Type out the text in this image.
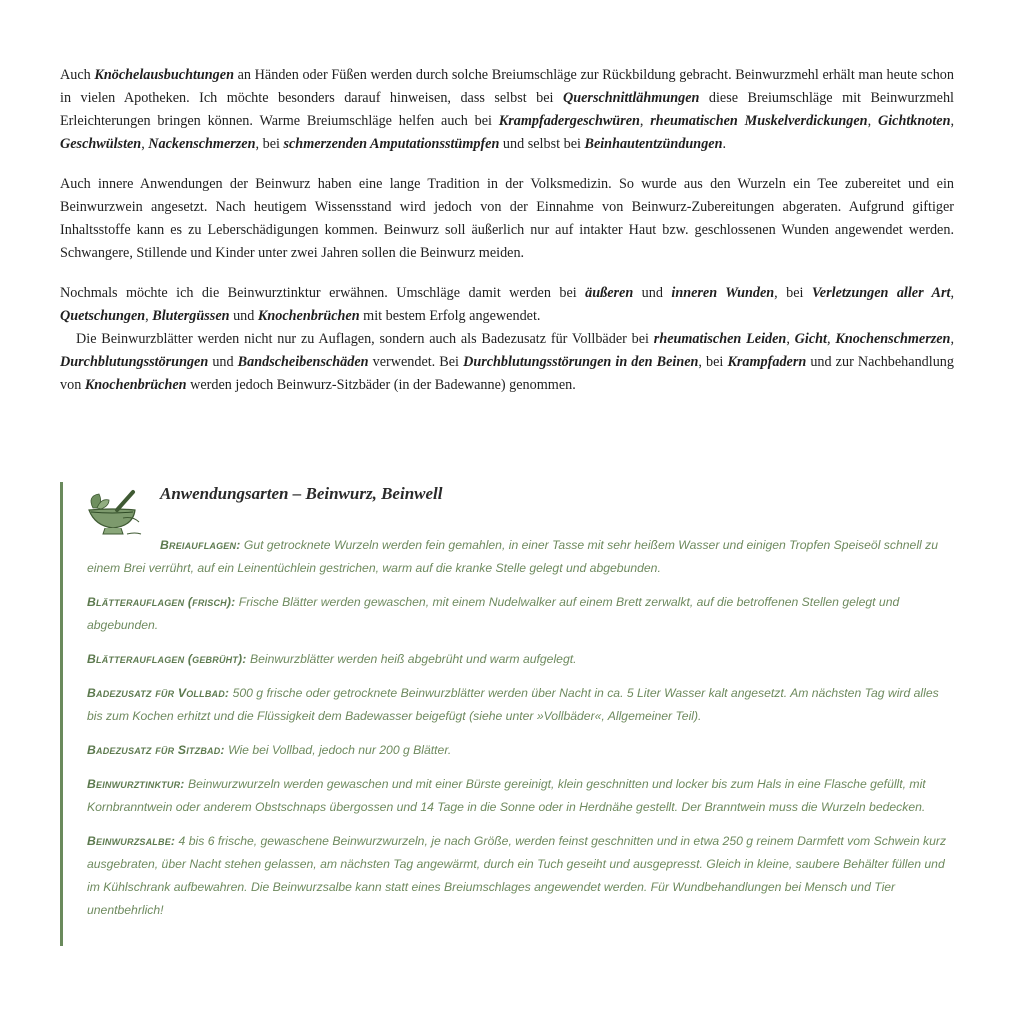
Auch Knöchelausbuchtungen an Händen oder Füßen werden durch solche Breiumschläge zur Rückbildung gebracht. Beinwurzmehl erhält man heute schon in vielen Apotheken. Ich möchte besonders darauf hinweisen, dass selbst bei Querschnittlähmungen diese Breiumschläge mit Beinwurzmehl Erleichterungen bringen können. Warme Breiumschläge helfen auch bei Krampfadergeschwüren, rheumatischen Muskelverdickungen, Gichtknoten, Geschwülsten, Nackenschmerzen, bei schmerzenden Amputationsstümpfen und selbst bei Beinhautentzündungen.

Auch innere Anwendungen der Beinwurz haben eine lange Tradition in der Volksmedizin. So wurde aus den Wurzeln ein Tee zubereitet und ein Beinwurzwein angesetzt. Nach heutigem Wissensstand wird jedoch von der Einnahme von Beinwurz-Zubereitungen abgeraten. Aufgrund giftiger Inhaltsstoffe kann es zu Leberschädigungen kommen. Beinwurz soll äußerlich nur auf intakter Haut bzw. geschlossenen Wunden angewendet werden. Schwangere, Stillende und Kinder unter zwei Jahren sollen die Beinwurz meiden.

Nochmals möchte ich die Beinwurztinktur erwähnen. Umschläge damit werden bei äußeren und inneren Wunden, bei Verletzungen aller Art, Quetschungen, Blutergüssen und Knochenbrüchen mit bestem Erfolg angewendet.

Die Beinwurzblätter werden nicht nur zu Auflagen, sondern auch als Badezusatz für Vollbäder bei rheumatischen Leiden, Gicht, Knochenschmerzen, Durchblutungsstörungen und Bandscheibenschäden verwendet. Bei Durchblutungsstörungen in den Beinen, bei Krampfadern und zur Nachbehandlung von Knochenbrüchen werden jedoch Beinwurz-Sitzbäder (in der Badewanne) genommen.

Anwendungsarten – Beinwurz, Beinwell

Breiauflagen: Gut getrocknete Wurzeln werden fein gemahlen, in einer Tasse mit sehr heißem Wasser und einigen Tropfen Speiseöl schnell zu einem Brei verrührt, auf ein Leinentüchlein gestrichen, warm auf die kranke Stelle gelegt und abgebunden.

Blätterauflagen (frisch): Frische Blätter werden gewaschen, mit einem Nudelwalker auf einem Brett zerwalkt, auf die betroffenen Stellen gelegt und abgebunden.

Blätterauflagen (gebrüht): Beinwurzblätter werden heiß abgebrüht und warm aufgelegt.

Badezusatz für Vollbad: 500 g frische oder getrocknete Beinwurzblätter werden über Nacht in ca. 5 Liter Wasser kalt angesetzt. Am nächsten Tag wird alles bis zum Kochen erhitzt und die Flüssigkeit dem Badewasser beigefügt (siehe unter »Vollbäder«, Allgemeiner Teil).

Badezusatz für Sitzbad: Wie bei Vollbad, jedoch nur 200 g Blätter.

Beinwurztinktur: Beinwurzwurzeln werden gewaschen und mit einer Bürste gereinigt, klein geschnitten und locker bis zum Hals in eine Flasche gefüllt, mit Kornbranntwein oder anderem Obstschnaps übergossen und 14 Tage in die Sonne oder in Herdnähe gestellt. Der Branntwein muss die Wurzeln bedecken.

Beinwurzsalbe: 4 bis 6 frische, gewaschene Beinwurzwurzeln, je nach Größe, werden feinst geschnitten und in etwa 250 g reinem Darmfett vom Schwein kurz ausgebraten, über Nacht stehen gelassen, am nächsten Tag angewärmt, durch ein Tuch geseiht und ausgepresst. Gleich in kleine, saubere Behälter füllen und im Kühlschrank aufbewahren. Die Beinwurzsalbe kann statt eines Breiumschlages angewendet werden. Für Wundbehandlungen bei Mensch und Tier unentbehrlich!
